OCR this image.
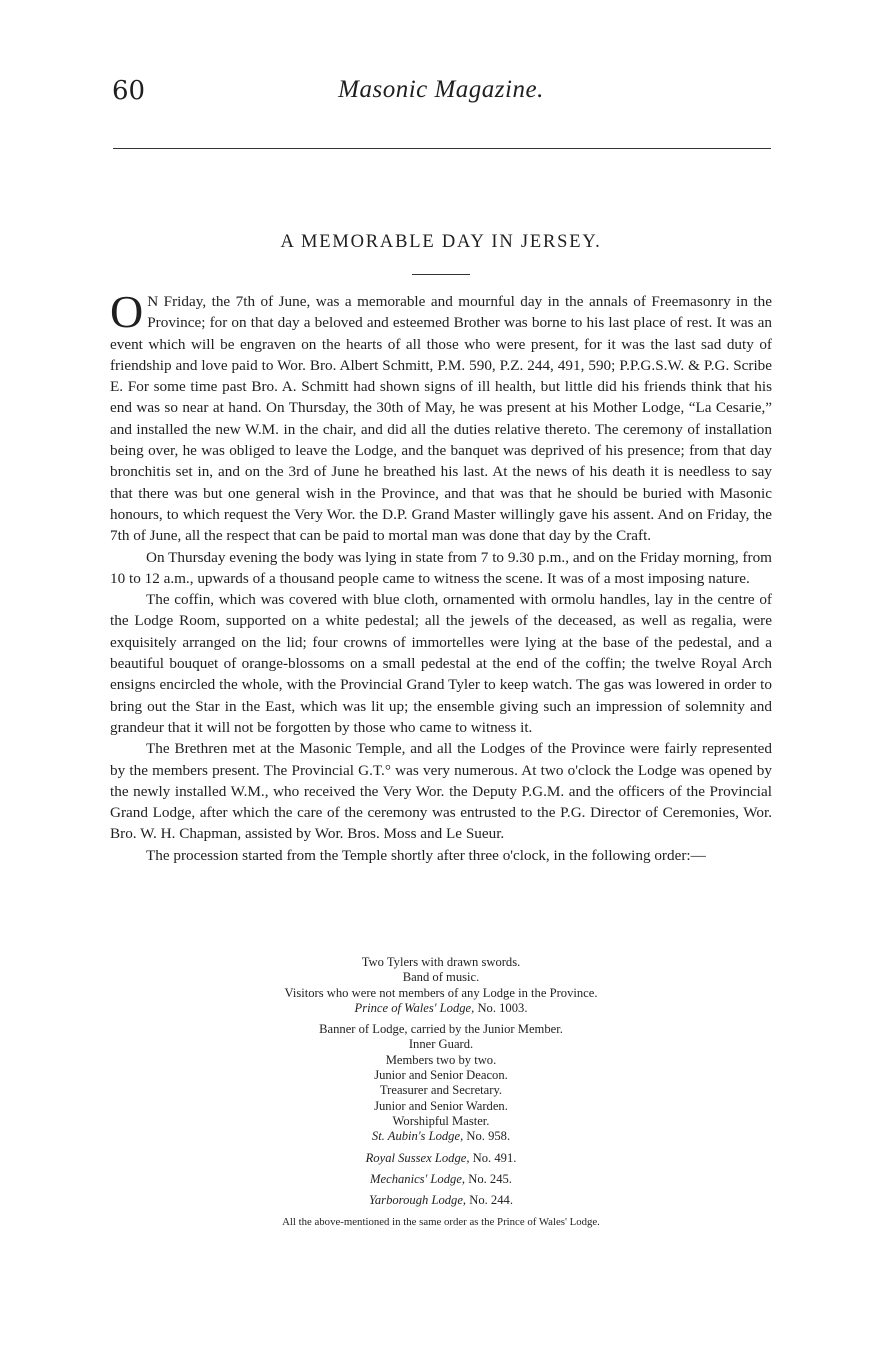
60	Masonic Magazine.
A MEMORABLE DAY IN JERSEY.

O N Friday, the 7th of June, was a memorable and mournful day in the annals of Freemasonry in the Province; for on that day a beloved and esteemed Brother was borne to his last place of rest. It was an event which will be engraven on the hearts of all those who were present, for it was the last sad duty of friendship and love paid to Wor. Bro. Albert Schmitt, P.M. 590, P.Z. 244, 491, 590; P.P.G.S.W. & P.G. Scribe E. For some time past Bro. A. Schmitt had shown signs of ill health, but little did his friends think that his end was so near at hand. On Thursday, the 30th of May, he was present at his Mother Lodge, “La Cesarie,” and installed the new W.M. in the chair, and did all the duties relative thereto. The ceremony of installation being over, he was obliged to leave the Lodge, and the banquet was deprived of his presence; from that day bronchitis set in, and on the 3rd of June he breathed his last. At the news of his death it is needless to say that there was but one general wish in the Province, and that was that he should be buried with Masonic honours, to which request the Very Wor. the D.P. Grand Master willingly gave his assent. And on Friday, the 7th of June, all the respect that can be paid to mortal man was done that day by the Craft.

On Thursday evening the body was lying in state from 7 to 9.30 p.m., and on the Friday morning, from 10 to 12 a.m., upwards of a thousand people came to witness the scene. It was of a most imposing nature.

The coffin, which was covered with blue cloth, ornamented with ormolu handles, lay in the centre of the Lodge Room, supported on a white pedestal; all the jewels of the deceased, as well as regalia, were exquisitely arranged on the lid; four crowns of immortelles were lying at the base of the pedestal, and a beautiful bouquet of orange-blossoms on a small pedestal at the end of the coffin; the twelve Royal Arch ensigns encircled the whole, with the Provincial Grand Tyler to keep watch. The gas was lowered in order to bring out the Star in the East, which was lit up; the ensemble giving such an impression of solemnity and grandeur that it will not be forgotten by those who came to witness it.

The Brethren met at the Masonic Temple, and all the Lodges of the Province were fairly represented by the members present. The Provincial G.T.° was very numerous. At two o'clock the Lodge was opened by the newly installed W.M., who received the Very Wor. the Deputy P.G.M. and the officers of the Provincial Grand Lodge, after which the care of the ceremony was entrusted to the P.G. Director of Ceremonies, Wor. Bro. W. H. Chapman, assisted by Wor. Bros. Moss and Le Sueur.

The procession started from the Temple shortly after three o'clock, in the following order:—

Two Tylers with drawn swords.
Band of music.
Visitors who were not members of any Lodge in the Province.
Prince of Wales' Lodge, No. 1003.
Banner of Lodge, carried by the Junior Member.
Inner Guard.
Members two by two.
Junior and Senior Deacon.
Treasurer and Secretary.
Junior and Senior Warden.
Worshipful Master.
St. Aubin's Lodge, No. 958.
Royal Sussex Lodge, No. 491.
Mechanics' Lodge, No. 245.
Yarborough Lodge, No. 244.
All the above-mentioned in the same order as the Prince of Wales' Lodge.
